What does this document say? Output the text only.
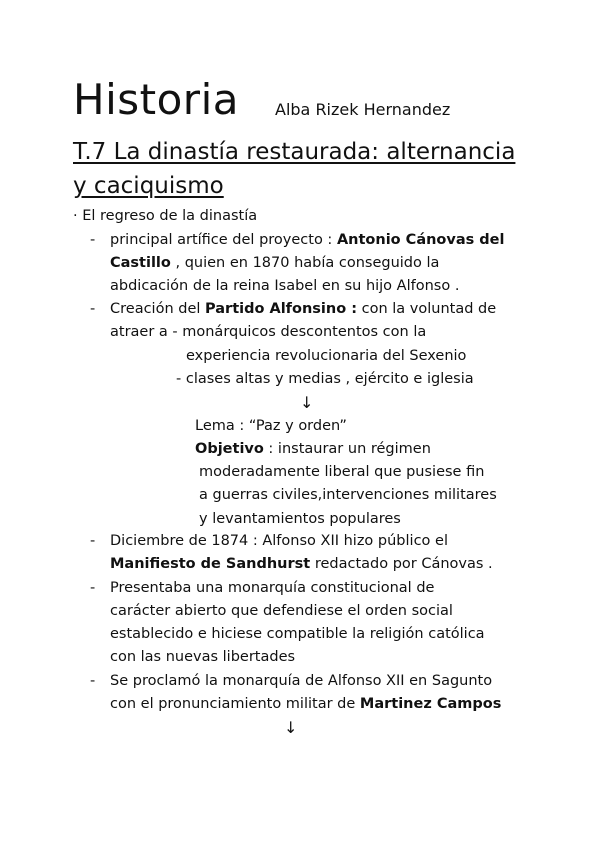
Historia Alba Rizek Hernandez
T.7 La dinastía restaurada: alternancia
y caciquismo
· El regreso de la dinastía
- principal artífice del proyecto : Antonio Cánovas del
Castillo , quien en 1870 había conseguido la
abdicación de la reina Isabel en su hijo Alfonso .
- Creación del Partido Alfonsino : con la voluntad de
atraer a - monárquicos descontentos con la
experiencia revolucionaria del Sexenio
- clases altas y medias , ejército e iglesia
↓
Lema : “Paz y orden”
Objetivo : instaurar un régimen
moderadamente liberal que pusiese fin
a guerras civiles,intervenciones militares
y levantamientos populares
- Diciembre de 1874 : Alfonso XII hizo público el
Manifiesto de Sandhurst redactado por Cánovas .
- Presentaba una monarquía constitucional de
carácter abierto que defendiese el orden social
establecido e hiciese compatible la religión católica
con las nuevas libertades
- Se proclamó la monarquía de Alfonso XII en Sagunto
con el pronunciamiento militar de Martinez Campos
↓
